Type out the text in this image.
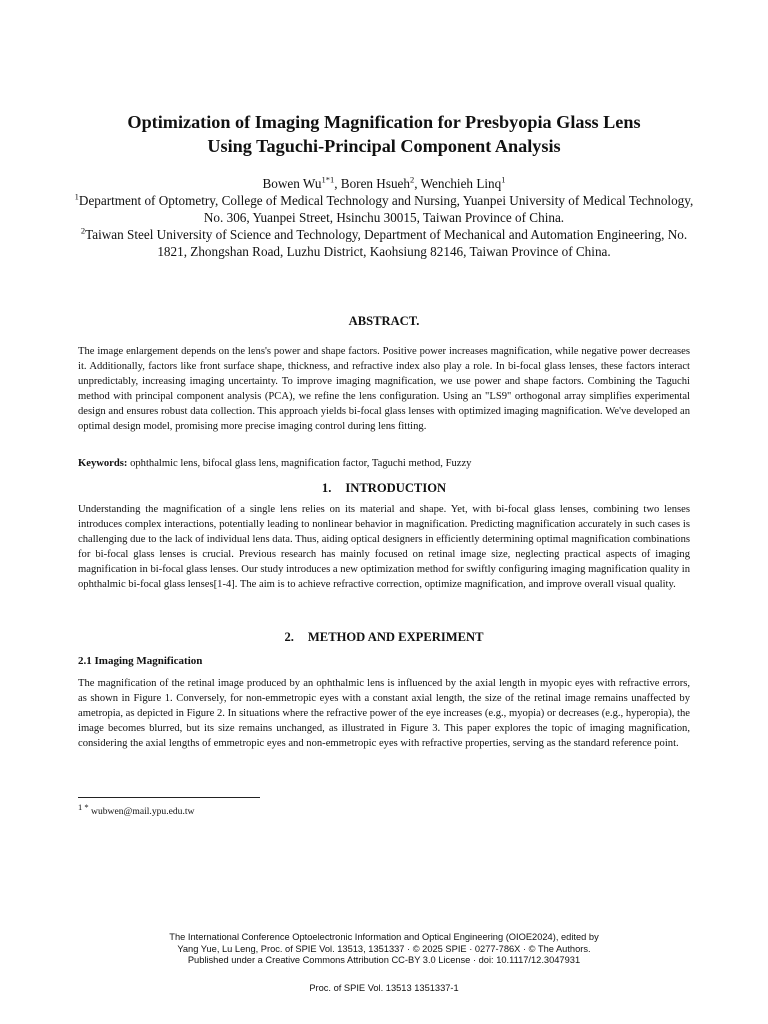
Optimization of Imaging Magnification for Presbyopia Glass Lens
Using Taguchi-Principal Component Analysis

Bowen $Wu^{1*1}$, Boren Hsueh$^2$, Wenchieh Linq$^1$

$^1$Department of Optometry, College of Medical Technology and Nursing, Yuanpei University of Medical Technology, No. 306, Yuanpei Street, Hsinchu 30015, Taiwan Province of China.

$^2$Taiwan Steel University of Science and Technology, Department of Mechanical and Automation Engineering, No. 1821, Zhongshan Road, Luzhu District, Kaohsiung 82146, Taiwan Province of China.

ABSTRACT.

The image enlargement depends on the lens's power and shape factors. Positive power increases magnification, while negative power decreases it. Additionally, factors like front surface shape, thickness, and refractive index also play a role. In bi-focal glass lenses, these factors interact unpredictably, increasing imaging uncertainty. To improve imaging magnification, we use power and shape factors. Combining the Taguchi method with principal component analysis (PCA), we refine the lens configuration. Using an "LS9" orthogonal array simplifies experimental design and ensures robust data collection. This approach yields bi-focal glass lenses with optimized imaging magnification. We've developed an optimal design model, promising more precise imaging control during lens fitting.

Keywords: ophthalmic lens, bifocal glass lens, magnification factor, Taguchi method, Fuzzy

1. INTRODUCTION

Understanding the magnification of a single lens relies on its material and shape. Yet, with bi-focal glass lenses, combining two lenses introduces complex interactions, potentially leading to nonlinear behavior in magnification. Predicting magnification accurately in such cases is challenging due to the lack of individual lens data. Thus, aiding optical designers in efficiently determining optimal magnification combinations for bi-focal glass lenses is crucial. Previous research has mainly focused on retinal image size, neglecting practical aspects of imaging magnification in bi-focal glass lenses. Our study introduces a new optimization method for swiftly configuring imaging magnification quality in ophthalmic bi-focal glass lenses[1-4]. The aim is to achieve refractive correction, optimize magnification, and improve overall visual quality.

2. METHOD AND EXPERIMENT
2.1 Imaging Magnification

The magnification of the retinal image produced by an ophthalmic lens is influenced by the axial length in myopic eyes with refractive errors, as shown in Figure 1. Conversely, for non-emmetropic eyes with a constant axial length, the size of the retinal image remains unaffected by ametropia, as depicted in Figure 2. In situations where the refractive power of the eye increases (e.g., myopia) or decreases (e.g., hyperopia), the image becomes blurred, but its size remains unchanged, as illustrated in Figure 3. This paper explores the topic of imaging magnification, considering the axial lengths of emmetropic eyes and non-emmetropic eyes with refractive properties, serving as the standard reference point.

$^{1 *}$ wubwen@mail.ypu.edu.tw
The International Conference Optoelectronic Information and Optical Engineering (OIOE2024), edited by
Yang Yue, Lu Leng, Proc. of SPIE Vol. 13513, 1351337 · © 2025 SPIE · 0277-786X · © The Authors.
Published under a Creative Commons Attribution CC-BY 3.0 License · doi: 10.1117/12.3047931
Proc. of SPIE Vol. 13513 1351337-1
